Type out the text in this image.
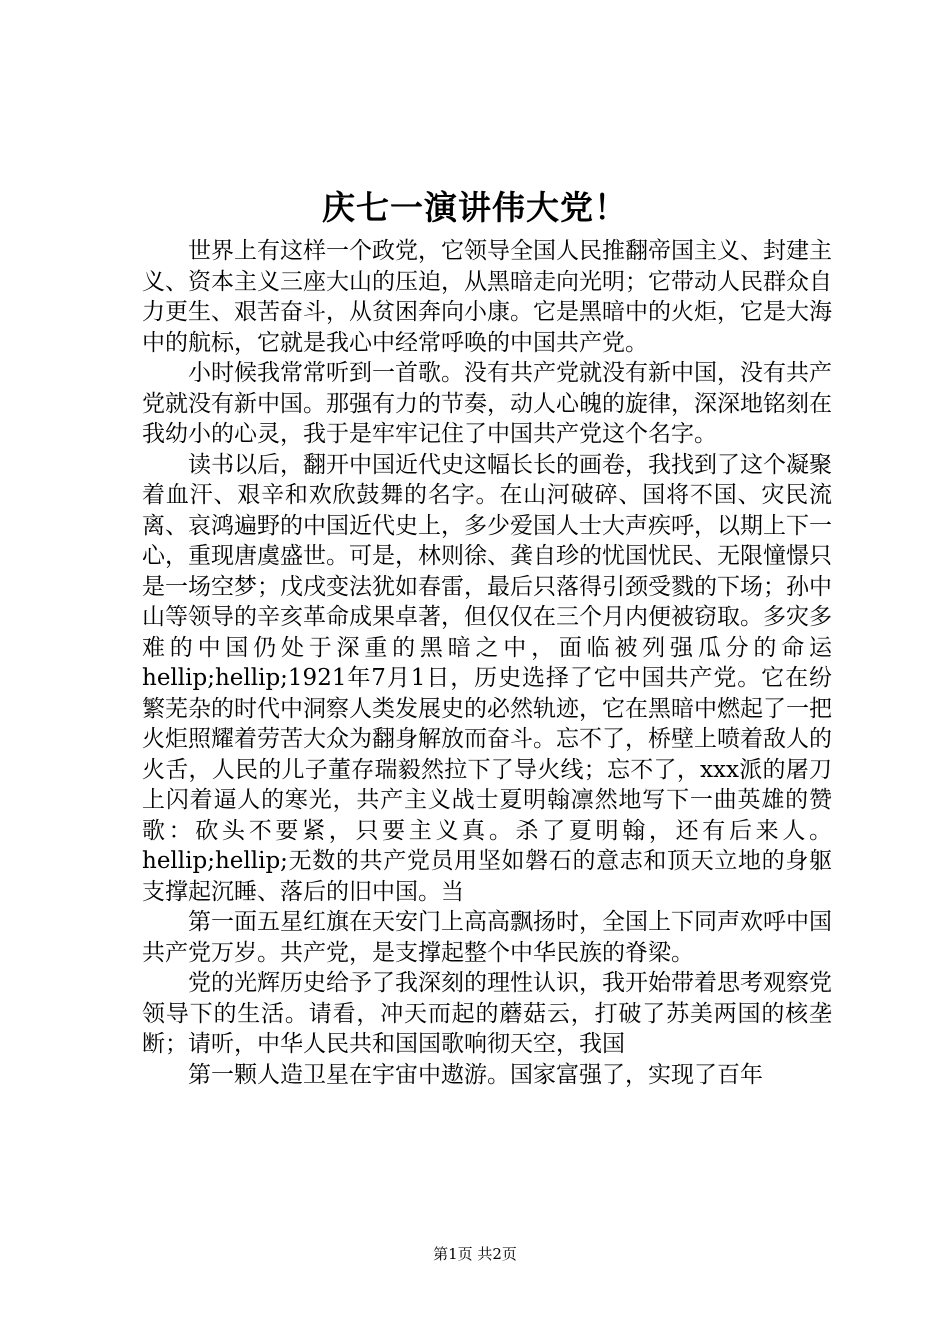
庆七一演讲伟大党！

世界上有这样一个政党，它领导全国人民推翻帝国主义、封建主义、资本主义三座大山的压迫，从黑暗走向光明；它带动人民群众自力更生、艰苦奋斗，从贫困奔向小康。它是黑暗中的火炬，它是大海中的航标，它就是我心中经常呼唤的中国共产党。

小时候我常常听到一首歌。没有共产党就没有新中国，没有共产党就没有新中国。那强有力的节奏，动人心魄的旋律，深深地铭刻在我幼小的心灵，我于是牢牢记住了中国共产党这个名字。

读书以后，翻开中国近代史这幅长长的画卷，我找到了这个凝聚着血汗、艰辛和欢欣鼓舞的名字。在山河破碎、国将不国、灾民流离、哀鸿遍野的中国近代史上，多少爱国人士大声疾呼，以期上下一心，重现唐虞盛世。可是，林则徐、龚自珍的忧国忧民、无限憧憬只是一场空梦；戊戌变法犹如春雷，最后只落得引颈受戮的下场；孙中山等领导的辛亥革命成果卓著，但仅仅在三个月内便被窃取。多灾多难的中国仍处于深重的黑暗之中，面临被列强瓜分的命运hellip;hellip;1921年7月1日，历史选择了它中国共产党。它在纷繁芜杂的时代中洞察人类发展史的必然轨迹，它在黑暗中燃起了一把火炬照耀着劳苦大众为翻身解放而奋斗。忘不了，桥壁上喷着敌人的火舌，人民的儿子董存瑞毅然拉下了导火线；忘不了，xxx派的屠刀上闪着逼人的寒光，共产主义战士夏明翰凛然地写下一曲英雄的赞歌：砍头不要紧，只要主义真。杀了夏明翰，还有后来人。hellip;hellip;无数的共产党员用坚如磐石的意志和顶天立地的身躯支撑起沉睡、落后的旧中国。当

第一面五星红旗在天安门上高高飘扬时，全国上下同声欢呼中国共产党万岁。共产党，是支撑起整个中华民族的脊梁。

党的光辉历史给予了我深刻的理性认识，我开始带着思考观察党领导下的生活。请看，冲天而起的蘑菇云，打破了苏美两国的核垄断；请听，中华人民共和国国歌响彻天空，我国

第一颗人造卫星在宇宙中遨游。国家富强了，实现了百年

第1页 共2页
